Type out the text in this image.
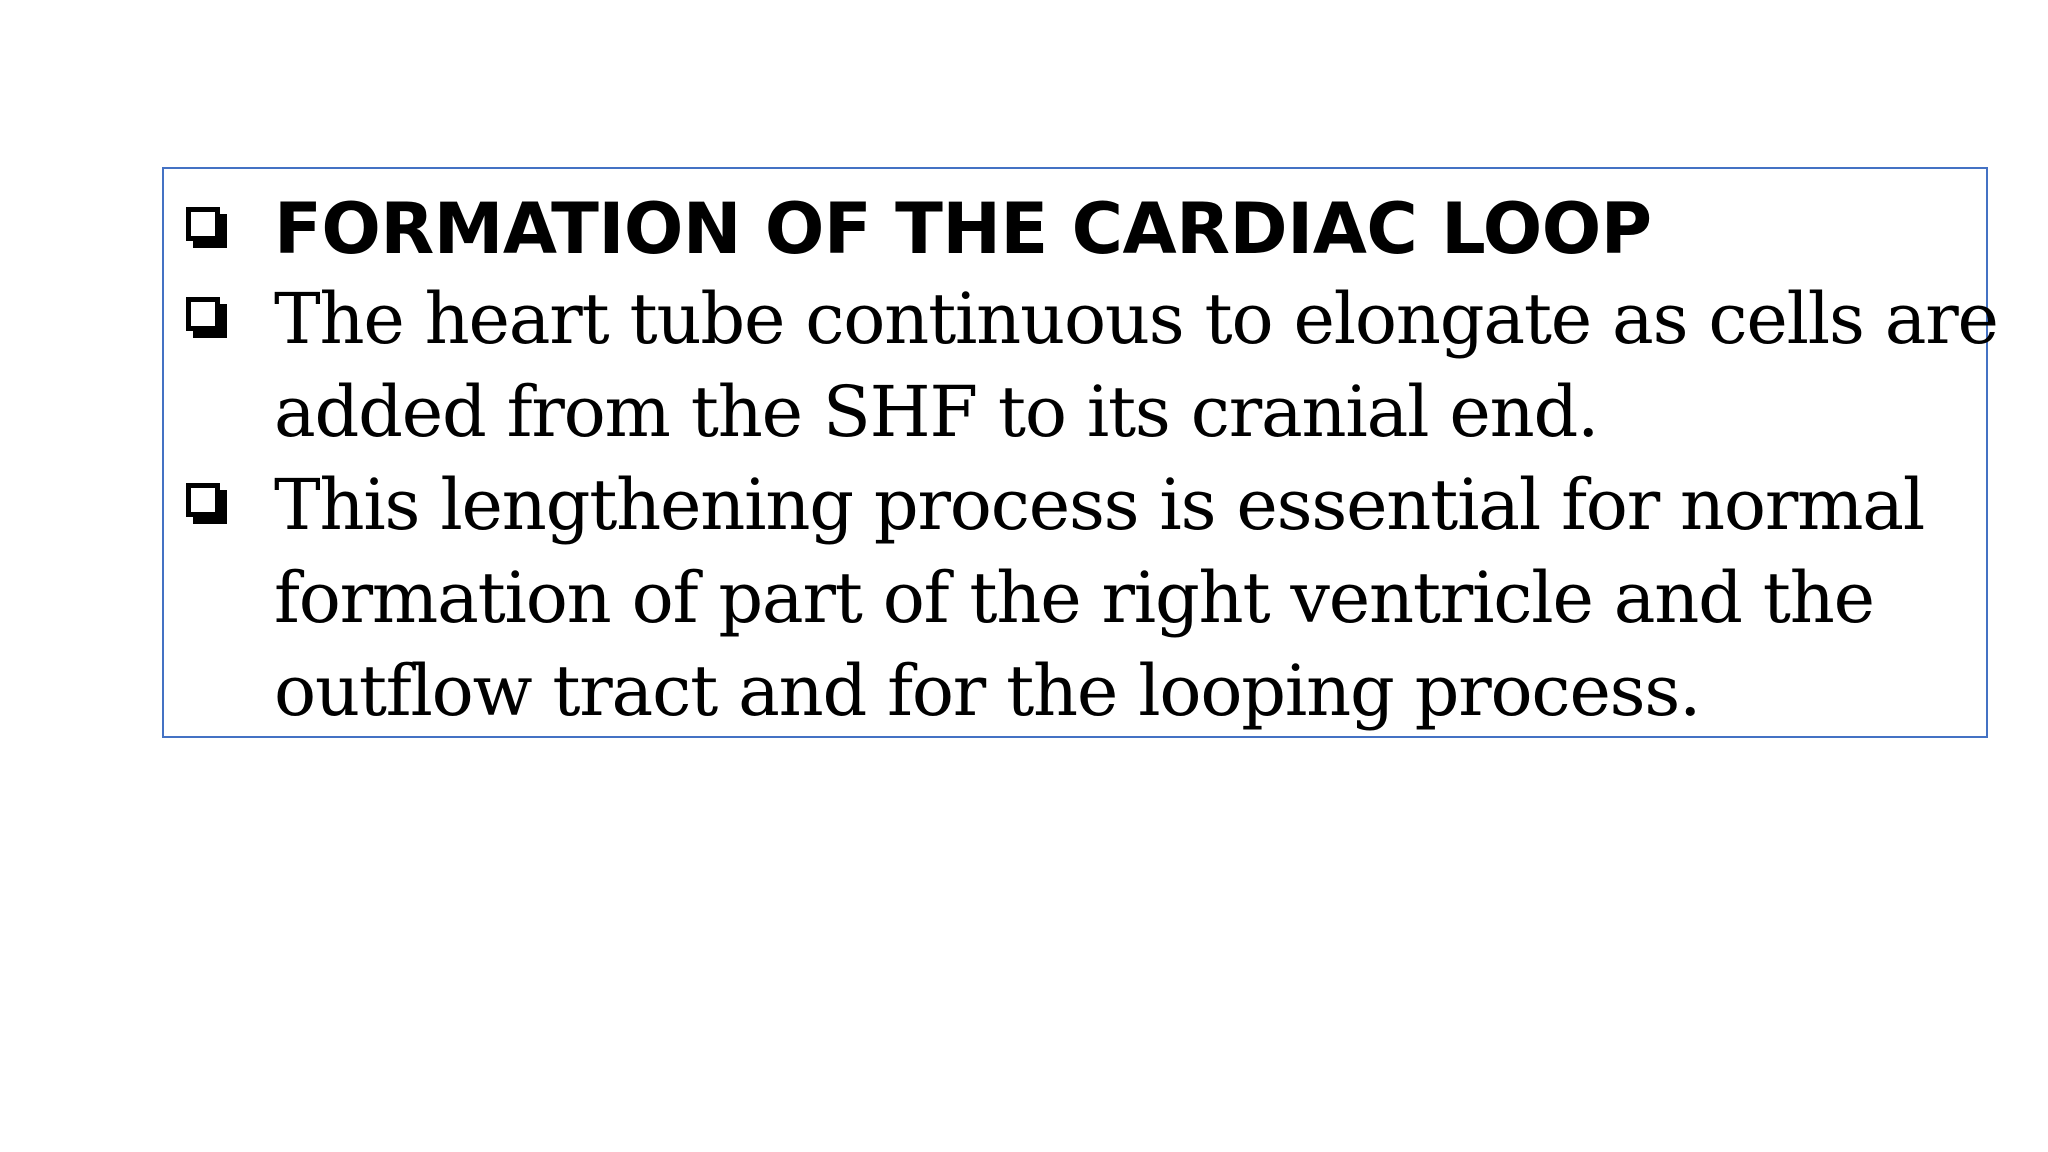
FORMATION OF THE CARDIAC LOOP
The heart tube continuous to elongate as cells are
added from the SHF to its cranial end.
This lengthening process is essential for normal
formation of part of the right ventricle and the
outflow tract and for the looping process.
